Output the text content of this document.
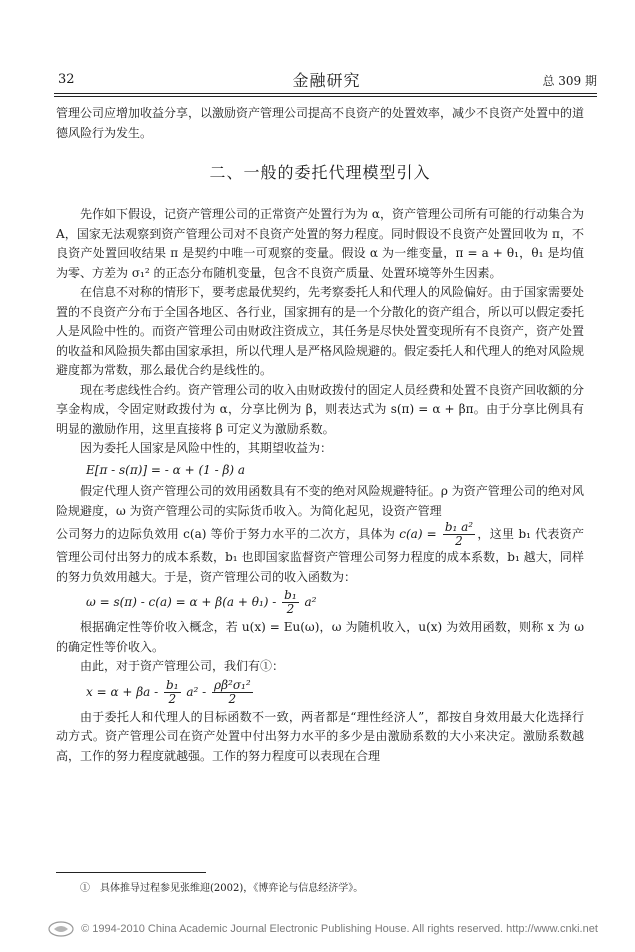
32	金融研究	总 309 期

管理公司应增加收益分享，以激励资产管理公司提高不良资产的处置效率，减少不良资产处置中的道德风险行为发生。

二、一般的委托代理模型引入

先作如下假设，记资产管理公司的正常资产处置行为为 α，资产管理公司所有可能的行动集合为 A，国家无法观察到资产管理公司对不良资产处置的努力程度。同时假设不良资产处置回收为 π，不良资产处置回收结果 π 是契约中唯一可观察的变量。假设 α 为一维变量，π = a + θ₁，θ₁ 是均值为零、方差为 σ₁² 的正态分布随机变量，包含不良资产质量、处置环境等外生因素。

在信息不对称的情形下，要考虑最优契约，先考察委托人和代理人的风险偏好。由于国家需要处置的不良资产分布于全国各地区、各行业，国家拥有的是一个分散化的资产组合，所以可以假定委托人是风险中性的。而资产管理公司由财政注资成立，其任务是尽快处置变现所有不良资产，资产处置的收益和风险损失都由国家承担，所以代理人是严格风险规避的。假定委托人和代理人的绝对风险规避度都为常数，那么最优合约是线性的。

现在考虑线性合约。资产管理公司的收入由财政拨付的固定人员经费和处置不良资产回收额的分享金构成，令固定财政拨付为 α，分享比例为 β，则表达式为 s(π) = α + βπ。由于分享比例具有明显的激励作用，这里直接将 β 可定义为激励系数。

因为委托人国家是风险中性的，其期望收益为：

E[π - s(π)] = - α + (1 - β) a

假定代理人资产管理公司的效用函数具有不变的绝对风险规避特征。ρ 为资产管理公司的绝对风险规避度，ω 为资产管理公司的实际货币收入。为简化起见，设资产管理

公司努力的边际负效用 c(a) 等价于努力水平的二次方，具体为 $c(a) = \frac{\text{b₁ a²}}{2}$ ，这里 b₁ 代表资产管理公司付出努力的成本系数，b₁ 也即国家监督资产管理公司努力程度的成本系数，b₁ 越大，同样的努力负效用越大。于是，资产管理公司的收入函数为：

$\omega = s(\pi) - c(a) = \alpha + \beta(a + \theta_1) - \frac{\text{b₁}}{2} a^2$

根据确定性等价收入概念，若 u(x) = Eu(ω)，ω 为随机收入，u(x) 为效用函数，则称 x 为 ω 的确定性等价收入。

由此，对于资产管理公司，我们有①：

$x = \alpha + \beta a - \frac{\text{b₁}}{2} a^2 - \frac{\text{ρβ²σ₁²}}{2}$

由于委托人和代理人的目标函数不一致，两者都是“理性经济人”，都按自身效用最大化选择行动方式。资产管理公司在资产处置中付出努力水平的多少是由激励系数的大小来决定。激励系数越高，工作的努力程度就越强。工作的努力程度可以表现在合理

①　具体推导过程参见张维迎(2002)，《博弈论与信息经济学》。
© 1994-2010 China Academic Journal Electronic Publishing House. All rights reserved. http://www.cnki.net
